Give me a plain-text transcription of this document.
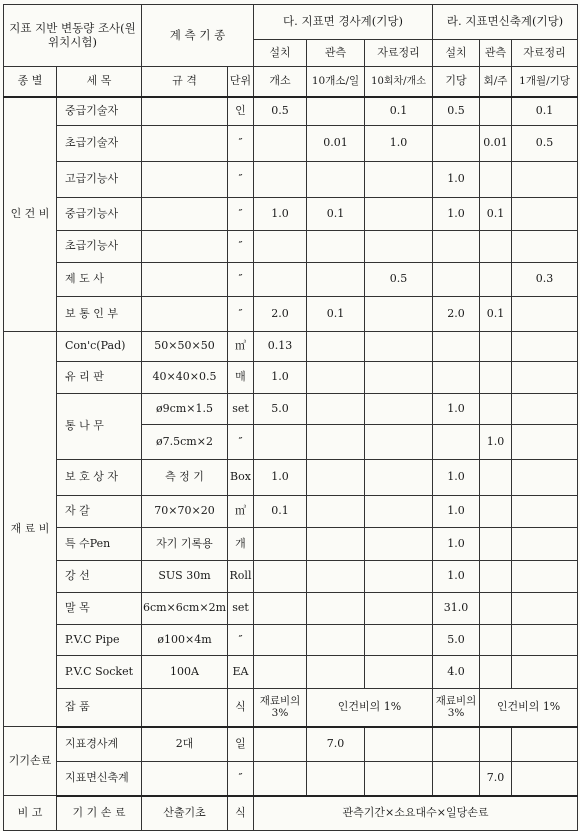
지표 지반 변동량 조사(원위치시험)		계 측 기 종		다. 지표면 경사계(기당)			라. 지표면신축계(기당)		
				설치	관측	자료정리	설치	관측	자료정리
종 별	세 목	규 격	단위	개소	10개소/일	10회차/개소	기당	회/주	1개월/기당
인 건 비	중급기술자		인	0.5		0.1	0.5		0.1
	초급기술자		″		0.01	1.0		0.01	0.5
	고급기능사		″				1.0		
	중급기능사		″	1.0	0.1		1.0	0.1	
	초급기능사		″						
	제 도 사		″			0.5			0.3
	보 통 인 부		″	2.0	0.1		2.0	0.1	
재 료 비	Con'c(Pad)	50×50×50	㎥	0.13					
	유 리 판	40×40×0.5	매	1.0					
	통 나 무	ø9cm×1.5	set	5.0			1.0		
		ø7.5cm×2	″					1.0	
	보 호 상 자	측 정 기	Box	1.0			1.0		
	자 갈	70×70×20	㎥	0.1			1.0		
	특 수Pen	자기 기록용	개				1.0		
	강 선	SUS 30m	Roll				1.0		
	말 목	6cm×6cm×2m	set				31.0		
	P.V.C Pipe	ø100×4m	″				5.0		
	P.V.C Socket	100A	EA				4.0		
	잡 품		식	재료비의 3%	인건비의 1%		재료비의 3%	인건비의 1%	
기기손료	지표경사계	2대	일		7.0				
	지표면신축계		″					7.0	
비 고	기 기 손 료	산출기초	식	관측기간×소요대수×일당손료					
